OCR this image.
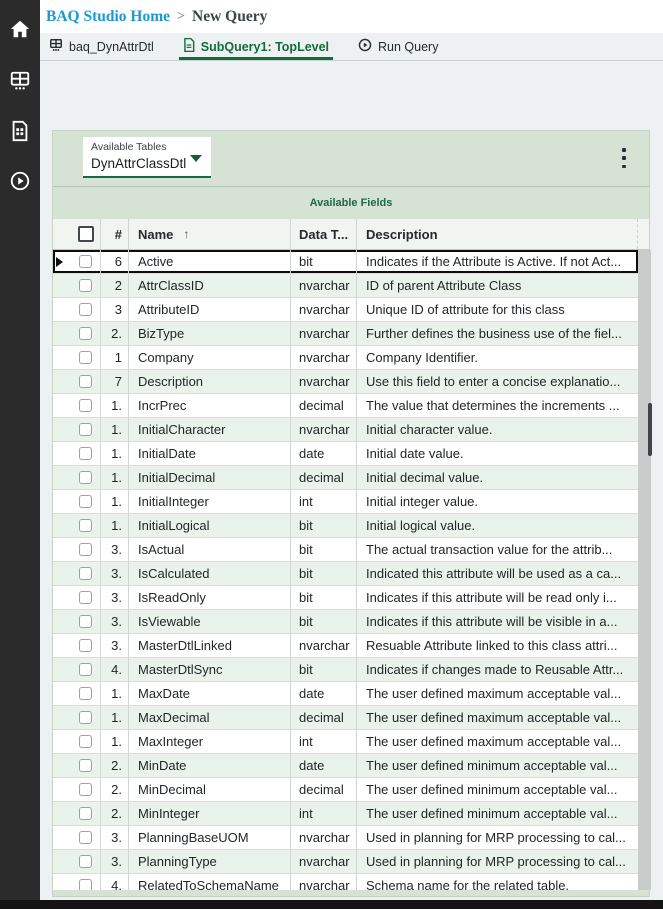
BAQ Studio Home > New Query
baq_DynAttrDtl	SubQuery1: TopLevel	Run Query
Available Tables
DynAttrClassDtl
Available Fields
#	Name ↑	Data T...	Description
6	Active	bit	Indicates if the Attribute is Active. If not Act...
2	AttrClassID	nvarchar	ID of parent Attribute Class
3	AttributeID	nvarchar	Unique ID of attribute for this class
2.	BizType	nvarchar	Further defines the business use of the fiel...
1	Company	nvarchar	Company Identifier.
7	Description	nvarchar	Use this field to enter a concise explanatio...
1.	IncrPrec	decimal	The value that determines the increments ...
1.	InitialCharacter	nvarchar	Initial character value.
1.	InitialDate	date	Initial date value.
1.	InitialDecimal	decimal	Initial decimal value.
1.	InitialInteger	int	Initial integer value.
1.	InitialLogical	bit	Initial logical value.
3.	IsActual	bit	The actual transaction value for the attrib...
3.	IsCalculated	bit	Indicated this attribute will be used as a ca...
3.	IsReadOnly	bit	Indicates if this attribute will be read only i...
3.	IsViewable	bit	Indicates if this attribute will be visible in a...
3.	MasterDtlLinked	nvarchar	Resuable Attribute linked to this class attri...
4.	MasterDtlSync	bit	Indicates if changes made to Reusable Attr...
1.	MaxDate	date	The user defined maximum acceptable val...
1.	MaxDecimal	decimal	The user defined maximum acceptable val...
1.	MaxInteger	int	The user defined maximum acceptable val...
2.	MinDate	date	The user defined minimum acceptable val...
2.	MinDecimal	decimal	The user defined minimum acceptable val...
2.	MinInteger	int	The user defined minimum acceptable val...
3.	PlanningBaseUOM	nvarchar	Used in planning for MRP processing to cal...
3.	PlanningType	nvarchar	Used in planning for MRP processing to cal...
4.	RelatedToSchemaName	nvarchar	Schema name for the related table.
